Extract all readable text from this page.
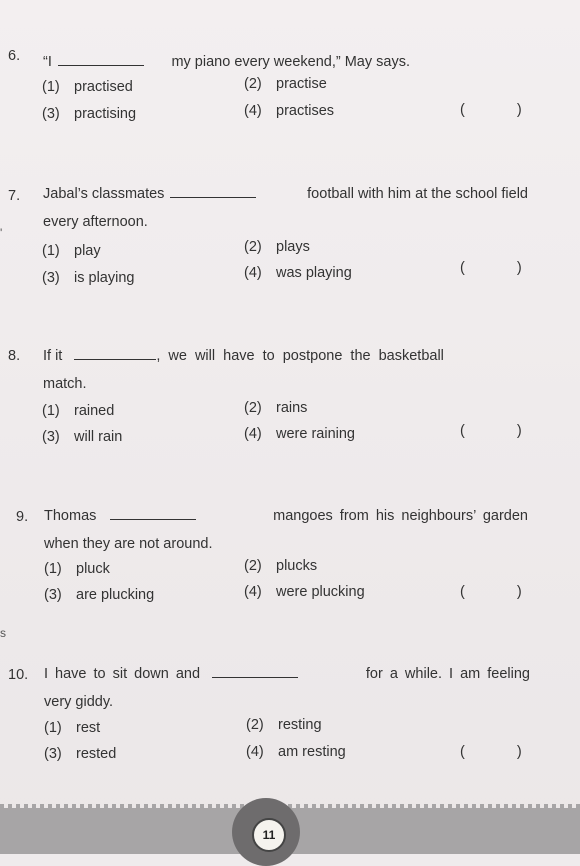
6.	“I	my piano every weekend,” May says.
(1) practised	(2) practise
(3) practising	(4) practises	(	)
7.	Jabal’s classmates	football with him at the school field
every afternoon.
(1) play	(2) plays
(3) is playing	(4) was playing	(	)
8.	If it	, we will have to postpone the basketball
match.
(1) rained	(2) rains
(3) will rain	(4) were raining	(	)
9.	Thomas	mangoes from his neighbours’ garden
when they are not around.
(1) pluck	(2) plucks
(3) are plucking	(4) were plucking	(	)
10.	I have to sit down and	for a while. I am feeling
very giddy.
(1) rest	(2) resting
(3) rested	(4) am resting	(	)
'
s
11
